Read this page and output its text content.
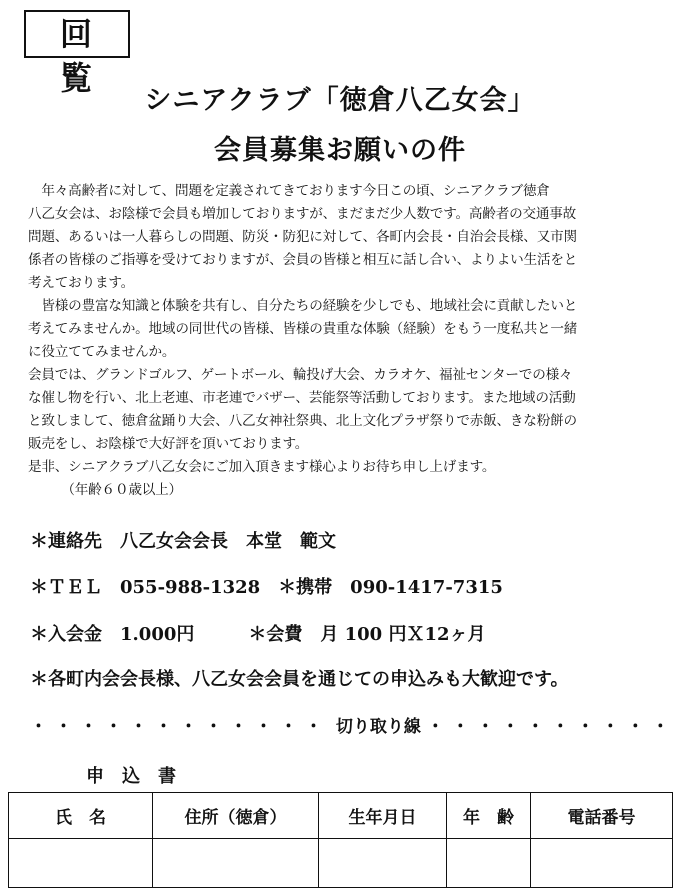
回 覧
シニアクラブ「徳倉八乙女会」
会員募集お願いの件

　年々高齢者に対して、問題を定義されてきております今日この頃、シニアクラブ徳倉

八乙女会は、お陰様で会員も増加しておりますが、まだまだ少人数です。高齢者の交通事故

問題、あるいは一人暮らしの問題、防災・防犯に対して、各町内会長・自治会長様、又市関

係者の皆様のご指導を受けておりますが、会員の皆様と相互に話し合い、よりよい生活をと

考えております。

　皆様の豊富な知識と体験を共有し、自分たちの経験を少しでも、地域社会に貢献したいと

考えてみませんか。地域の同世代の皆様、皆様の貴重な体験（経験）をもう一度私共と一緒

に役立ててみませんか。

会員では、グランドゴルフ、ゲートボール、輪投げ大会、カラオケ、福祉センターでの様々

な催し物を行い、北上老連、市老連でバザー、芸能祭等活動しております。また地域の活動

と致しまして、徳倉盆踊り大会、八乙女神社祭典、北上文化プラザ祭りで赤飯、きな粉餅の

販売をし、お陰様で大好評を頂いております。

是非、シニアクラブ八乙女会にご加入頂きます様心よりお待ち申し上げます。

　　　（年齢６０歳以上）

＊連絡先　八乙女会会長　本堂　範文
＊ＴＥＬ　055-988-1328　＊携帯　090-1417-7315
＊入会金　1.000円　　　＊会費　月 100 円Ｘ12ヶ月
＊各町内会会長様、八乙女会会員を通じての申込みも大歓迎です。
・・・・・・・・・・・・ 切り取り線 ・・・・・・・・・・
申込書
氏　名	住所（徳倉）	生年月日	年　齢	電話番号
